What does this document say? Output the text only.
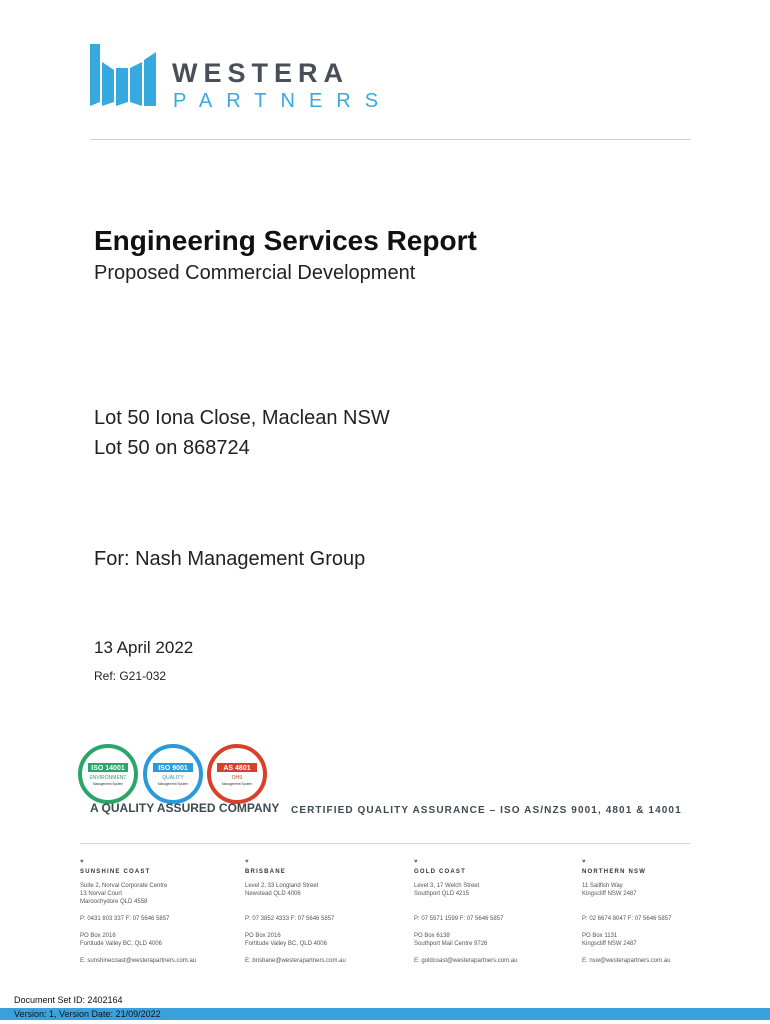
WESTERA
PARTNERS
Engineering Services Report
Proposed Commercial Development
Lot 50 Iona Close, Maclean NSW
Lot 50 on 868724
For: Nash Management Group
13 April 2022
Ref: G21-032
ISO 14001
ENVIRONMENT
Management System
ISO 9001
QUALITY
Management System
AS 4801
OHS
Management System
A QUALITY ASSURED COMPANY CERTIFIED QUALITY ASSURANCE – ISO AS/NZS 9001, 4801 & 14001
♥
SUNSHINE COAST
Suite 2, Norval Corporate Centre
13 Norval Court
Maroochydore QLD 4558
P: 0431 803 337 F: 07 5646 5857
PO Box 2016
Fortitude Valley BC, QLD 4006
E: sunshinecoast@westerapartners.com.au
♥
BRISBANE
Level 2, 33 Longland Street
Newstead QLD 4006

P: 07 3852 4333 F: 07 5646 5857
PO Box 2016
Fortitude Valley BC, QLD 4006
E: brisbane@westerapartners.com.au
♥
GOLD COAST
Level 3, 17 Welch Street
Southport QLD 4215

P: 07 5571 1599 F: 07 5646 5857
PO Box 6138
Southport Mail Centre 9726
E: goldcoast@westerapartners.com.au
♥
NORTHERN NSW
11 Sailfish Way
Kingscliff NSW 2487

P: 02 6674 8047 F: 07 5646 5857
PO Box 1131
Kingscliff NSW 2487
E: nsw@westerapartners.com.au
Document Set ID: 2402164
Version: 1, Version Date: 21/09/2022
